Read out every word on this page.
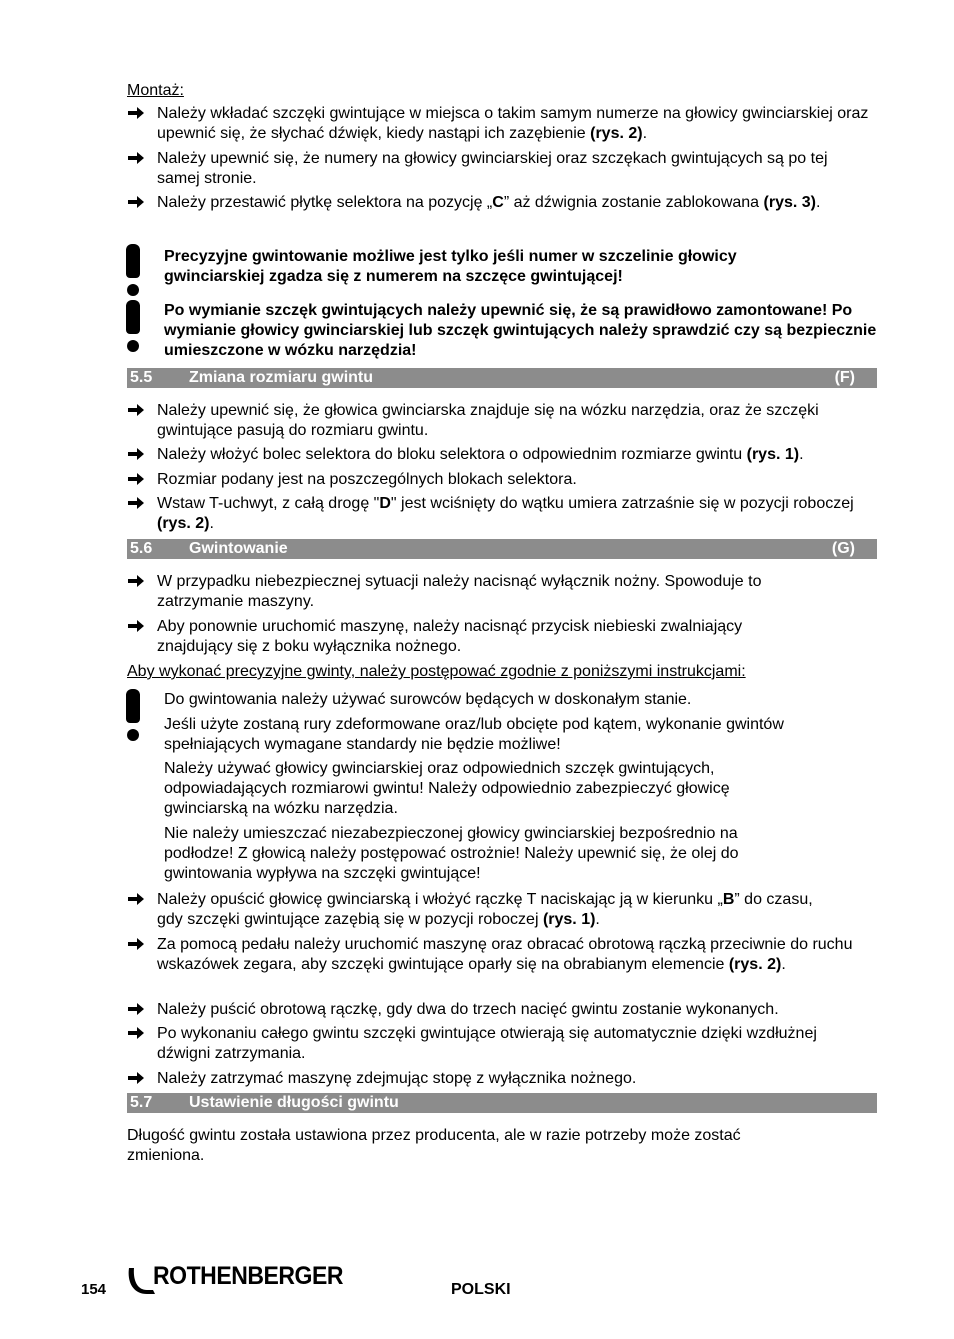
Montaż:
Należy wkładać szczęki gwintujące w miejsca o takim samym numerze na głowicy gwinciarskiej oraz upewnić się, że słychać dźwięk, kiedy nastąpi ich zazębienie (rys. 2).
Należy upewnić się, że numery na głowicy gwinciarskiej oraz szczękach gwintujących są po tej samej stronie.
Należy przestawić płytkę selektora na pozycję „C” aż dźwignia zostanie zablokowana (rys. 3).
Precyzyjne gwintowanie możliwe jest tylko jeśli numer w szczelinie głowicy gwinciarskiej zgadza się z numerem na szczęce gwintującej!
Po wymianie szczęk gwintujących należy upewnić się, że są prawidłowo zamontowane! Po wymianie głowicy gwinciarskiej lub szczęk gwintujących należy sprawdzić czy są bezpiecznie umieszczone w wózku narzędzia!
5.5 Zmiana rozmiaru gwintu	(F)
Należy upewnić się, że głowica gwinciarska znajduje się na wózku narzędzia, oraz że szczęki gwintujące pasują do rozmiaru gwintu.
Należy włożyć bolec selektora do bloku selektora o odpowiednim rozmiarze gwintu (rys. 1).
Rozmiar podany jest na poszczególnych blokach selektora.
Wstaw T-uchwyt, z całą drogę "D" jest wciśnięty do wątku umiera zatrzaśnie się w pozycji roboczej (rys. 2).
5.6 Gwintowanie	(G)
W przypadku niebezpiecznej sytuacji należy nacisnąć wyłącznik nożny. Spowoduje to zatrzymanie maszyny.
Aby ponownie uruchomić maszynę, należy nacisnąć przycisk niebieski zwalniający znajdujący się z boku wyłącznika nożnego.
Aby wykonać precyzyjne gwinty, należy postępować zgodnie z poniższymi instrukcjami:
Do gwintowania należy używać surowców będących w doskonałym stanie.
Jeśli użyte zostaną rury zdeformowane oraz/lub obcięte pod kątem, wykonanie gwintów spełniających wymagane standardy nie będzie możliwe!
Należy używać głowicy gwinciarskiej oraz odpowiednich szczęk gwintujących, odpowiadających rozmiarowi gwintu! Należy odpowiednio zabezpieczyć głowicę gwinciarską na wózku narzędzia.
Nie należy umieszczać niezabezpieczonej głowicy gwinciarskiej bezpośrednio na podłodze! Z głowicą należy postępować ostrożnie! Należy upewnić się, że olej do gwintowania wypływa na szczęki gwintujące!
Należy opuścić głowicę gwinciarską i włożyć rączkę T naciskając ją w kierunku „B” do czasu, gdy szczęki gwintujące zazębią się w pozycji roboczej (rys. 1).
Za pomocą pedału należy uruchomić maszynę oraz obracać obrotową rączką przeciwnie do ruchu wskazówek zegara, aby szczęki gwintujące oparły się na obrabianym elemencie (rys. 2).
Należy puścić obrotową rączkę, gdy dwa do trzech nacięć gwintu zostanie wykonanych.
Po wykonaniu całego gwintu szczęki gwintujące otwierają się automatycznie dzięki wzdłużnej dźwigni zatrzymania.
Należy zatrzymać maszynę zdejmując stopę z wyłącznika nożnego.
5.7 Ustawienie długości gwintu
Długość gwintu została ustawiona przez producenta, ale w razie potrzeby może zostać zmieniona.
154 ROTHENBERGER	POLSKI
